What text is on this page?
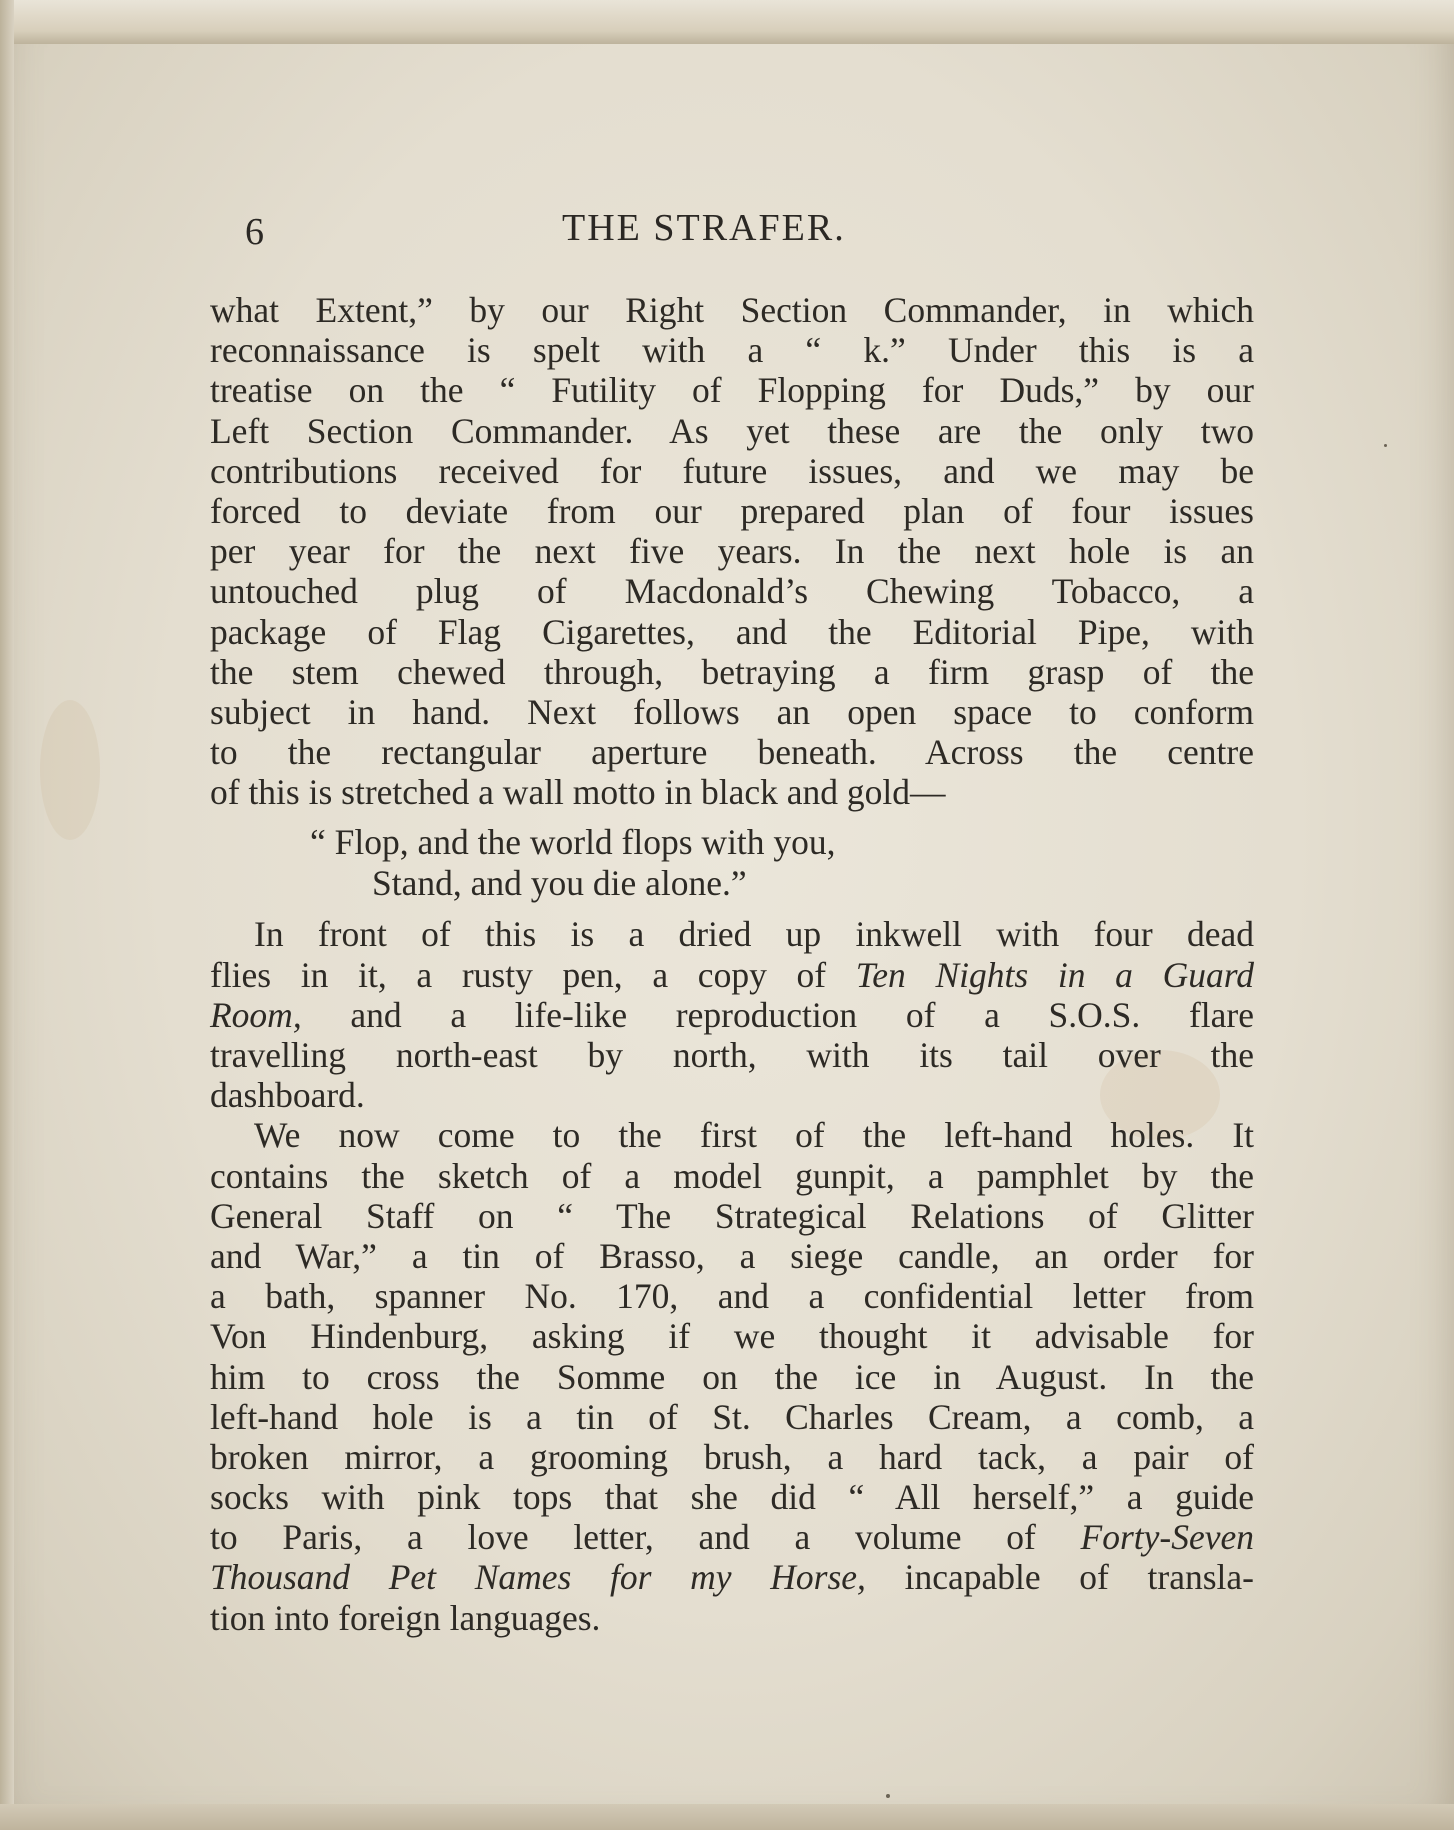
6	THE STRAFER.
what Extent,” by our Right Section Commander, in which
reconnaissance is spelt with a “ k.” Under this is a
treatise on the “ Futility of Flopping for Duds,” by our
Left Section Commander. As yet these are the only two
contributions received for future issues, and we may be
forced to deviate from our prepared plan of four issues
per year for the next five years. In the next hole is an
untouched plug of Macdonald’s Chewing Tobacco, a
package of Flag Cigarettes, and the Editorial Pipe, with
the stem chewed through, betraying a firm grasp of the
subject in hand. Next follows an open space to conform
to the rectangular aperture beneath. Across the centre
of this is stretched a wall motto in black and gold—
“ Flop, and the world flops with you,
Stand, and you die alone.”
In front of this is a dried up inkwell with four dead
flies in it, a rusty pen, a copy of Ten Nights in a Guard
Room, and a life-like reproduction of a S.O.S. flare
travelling north-east by north, with its tail over the
dashboard.
We now come to the first of the left-hand holes. It
contains the sketch of a model gunpit, a pamphlet by the
General Staff on “ The Strategical Relations of Glitter
and War,” a tin of Brasso, a siege candle, an order for
a bath, spanner No. 170, and a confidential letter from
Von Hindenburg, asking if we thought it advisable for
him to cross the Somme on the ice in August. In the
left-hand hole is a tin of St. Charles Cream, a comb, a
broken mirror, a grooming brush, a hard tack, a pair of
socks with pink tops that she did “ All herself,” a guide
to Paris, a love letter, and a volume of Forty-Seven
Thousand Pet Names for my Horse, incapable of transla-
tion into foreign languages.
